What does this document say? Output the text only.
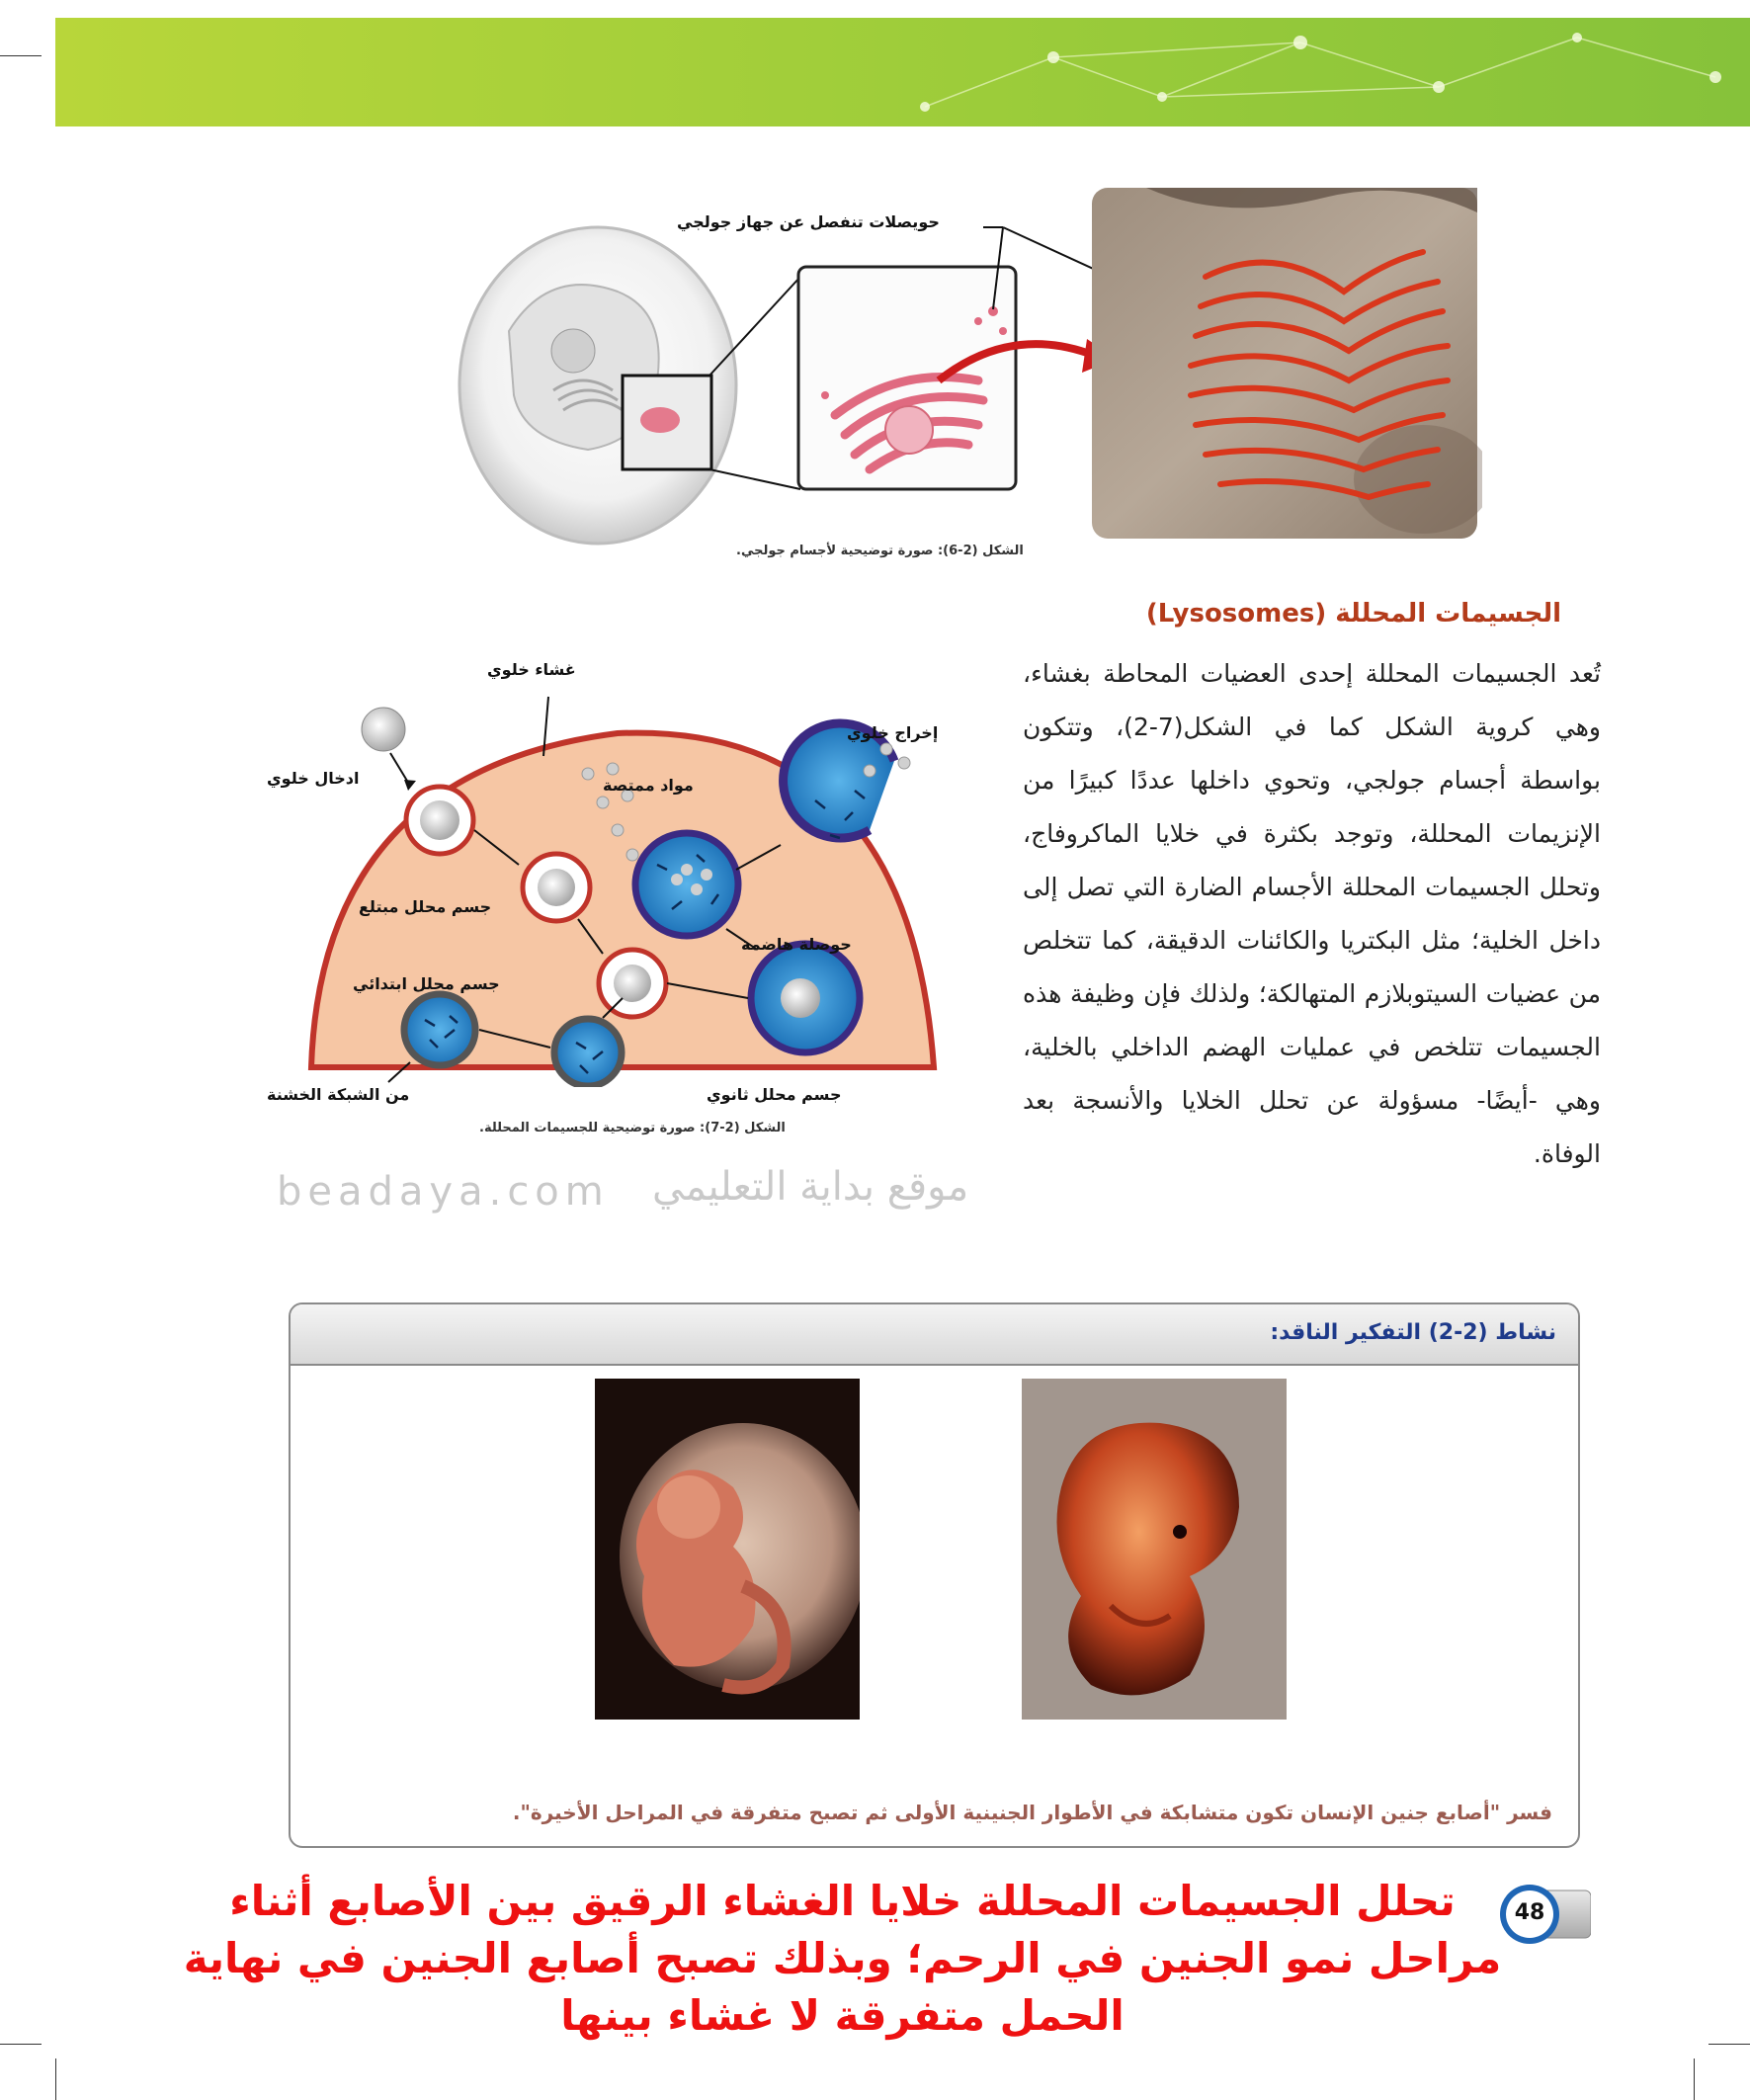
حويصلات تنفصل عن جهاز جولجي
الشكل (2-6): صورة توضيحية لأجسام جولجي.
غشاء خلوي
ادخال خلوي	مواد ممتصة
إخراج خلوي
جسم محلل مبتلع
حوصلة هاضمة
جسم محلل ابتدائي
من الشبكة الخشنة	جسم محلل ثانوي
الشكل (2-7): صورة توضيحية للجسيمات المحللة.
beadaya.com موقع بداية التعليمي
الجسيمات المحللة (Lysosomes)
تُعد الجسيمات المحللة إحدى العضيات المحاطة بغشاء، وهي كروية الشكل كما في الشكل(7-2)، وتتكون بواسطة أجسام جولجي، وتحوي داخلها عددًا كبيرًا من الإنزيمات المحللة، وتوجد بكثرة في خلايا الماكروفاج، وتحلل الجسيمات المحللة الأجسام الضارة التي تصل إلى داخل الخلية؛ مثل البكتريا والكائنات الدقيقة، كما تتخلص من عضيات السيتوبلازم المتهالكة؛ ولذلك فإن وظيفة هذه الجسيمات تتلخص في عمليات الهضم الداخلي بالخلية، وهي -أيضًا- مسؤولة عن تحلل الخلايا والأنسجة بعد الوفاة.
نشاط (2-2) التفكير الناقد:
فسر "أصابع جنين الإنسان تكون متشابكة في الأطوار الجنينية الأولى ثم تصبح متفرقة في المراحل الأخيرة".
تحلل الجسيمات المحللة خلايا الغشاء الرقيق بين الأصابع أثناء مراحل نمو الجنين في الرحم؛ وبذلك تصبح أصابع الجنين في نهاية الحمل متفرقة لا غشاء بينها
48
